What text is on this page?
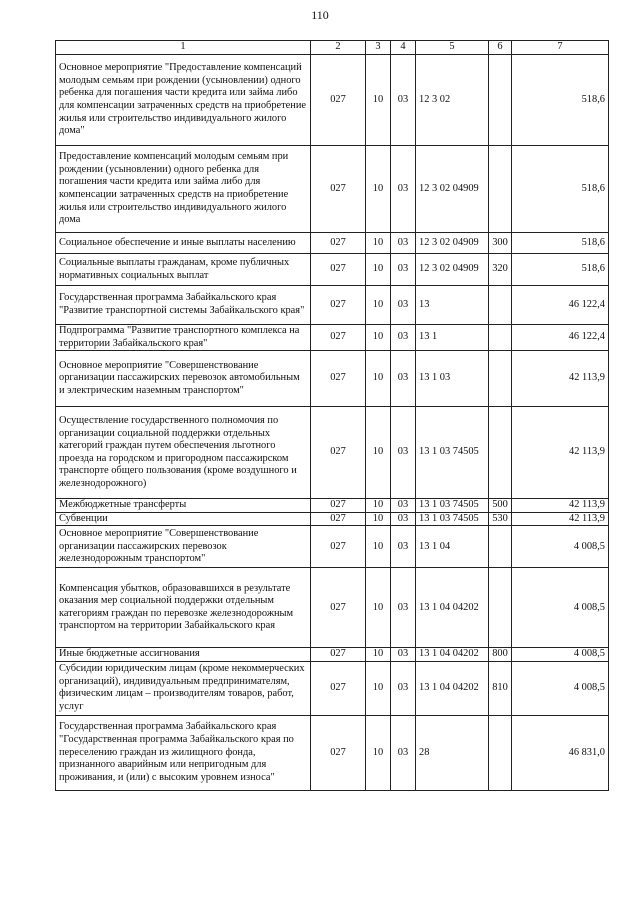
110
1	2	3	4	5	6	7
Основное мероприятие "Предоставление компенсаций молодым семьям при рождении (усыновлении) одного ребенка для погашения части кредита или займа либо для компенсации затраченных средств на приобретение жилья или строительство индивидуального жилого дома"	027	10	03	12 3 02		518,6
Предоставление компенсаций молодым семьям при рождении (усыновлении) одного ребенка для погашения части кредита или займа либо для компенсации затраченных средств на приобретение жилья или строительство индивидуального жилого дома	027	10	03	12 3 02 04909		518,6
Социальное обеспечение и иные выплаты населению	027	10	03	12 3 02 04909	300	518,6
Социальные выплаты гражданам, кроме публичных нормативных социальных выплат	027	10	03	12 3 02 04909	320	518,6
Государственная программа Забайкальского края "Развитие транспортной системы Забайкальского края"	027	10	03	13		46 122,4
Подпрограмма "Развитие транспортного комплекса на территории Забайкальского края"	027	10	03	13 1		46 122,4
Основное мероприятие "Совершенствование организации пассажирских перевозок автомобильным и электрическим наземным транспортом"	027	10	03	13 1 03		42 113,9
Осуществление государственного полномочия по организации социальной поддержки отдельных категорий граждан путем обеспечения льготного проезда на городском и пригородном пассажирском транспорте общего пользования (кроме воздушного и железнодорожного)	027	10	03	13 1 03 74505		42 113,9
Межбюджетные трансферты	027	10	03	13 1 03 74505	500	42 113,9
Субвенции	027	10	03	13 1 03 74505	530	42 113,9
Основное мероприятие "Совершенствование организации пассажирских перевозок железнодорожным транспортом"	027	10	03	13 1 04		4 008,5
Компенсация убытков, образовавшихся в результате оказания мер социальной поддержки отдельным категориям граждан по перевозке железнодорожным транспортом на территории Забайкальского края	027	10	03	13 1 04 04202		4 008,5
Иные бюджетные ассигнования	027	10	03	13 1 04 04202	800	4 008,5
Субсидии юридическим лицам (кроме некоммерческих организаций), индивидуальным предпринимателям, физическим лицам – производителям товаров, работ, услуг	027	10	03	13 1 04 04202	810	4 008,5
Государственная программа Забайкальского края "Государственная программа Забайкальского края по переселению граждан из жилищного фонда, признанного аварийным или непригодным для проживания, и (или) с высоким уровнем износа"	027	10	03	28		46 831,0
